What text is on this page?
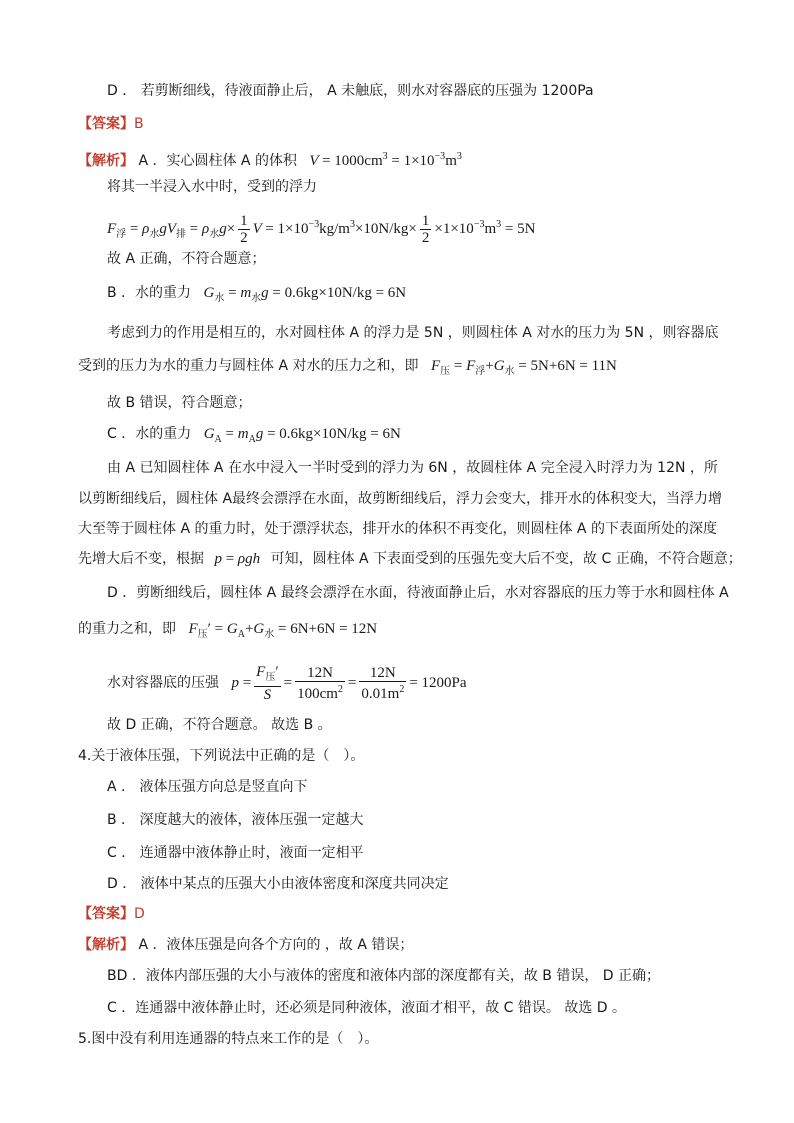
D ． 若剪断细线，待液面静止后， A 未触底，则水对容器底的压强为 1200Pa
【答案】B
【解析】 A ．实心圆柱体 A 的体积 $V = 1000cm^3 = 1\times 10^{-3}m^3$
将其一半浸入水中时，受到的浮力
$F_浮 = \rho_水gV_排 = \rho_水g\times \frac{1}{2}$ $V = 1\times 10^{-3}kg/m^3\times 10N/kg\times \frac{1}{2} \times 1\times 10^{-3}m^3 = 5N$
故 A 正确，不符合题意；
B ．水的重力 $G_水 = m_水g = 0.6kg\times 10N/kg = 6N$
考虑到力的作用是相互的，水对圆柱体 A 的浮力是 5N ，则圆柱体 A 对水的压力为 5N ，则容器底
受到的压力为水的重力与圆柱体 A 对水的压力之和，即 $F_压 = F_浮+G_水 = 5N+6N = 11N$
故 B 错误，符合题意；
C ．水的重力 $G_A = m_Ag = 0.6kg\times 10N/kg = 6N$
由 A 已知圆柱体 A 在水中浸入一半时受到的浮力为 6N ，故圆柱体 A 完全浸入时浮力为 12N ，所
以剪断细线后，圆柱体 A最终会漂浮在水面，故剪断细线后，浮力会变大，排开水的体积变大，当浮力增
大至等于圆柱体 A 的重力时，处于漂浮状态，排开水的体积不再变化，则圆柱体 A 的下表面所处的深度
先增大后不变，根据 p = ρgh 可知，圆柱体 A 下表面受到的压强先变大后不变，故 C 正确，不符合题意；
D ．剪断细线后，圆柱体 A 最终会漂浮在水面，待液面静止后，水对容器底的压力等于水和圆柱体 A
的重力之和，即 $F_压' = G_A+G_水 = 6N+6N = 12N$
水对容器底的压强 $p = \frac{F_压'}{S} = \frac{12N}{100cm^2} = \frac{12N}{0.01m^2} = 1200Pa$
故 D 正确，不符合题意。 故选 B 。
4.关于液体压强，下列说法中正确的是（　）。
A ． 液体压强方向总是竖直向下
B ． 深度越大的液体，液体压强一定越大
C ． 连通器中液体静止时，液面一定相平
D ． 液体中某点的压强大小由液体密度和深度共同决定
【答案】D
【解析】 A ．液体压强是向各个方向的 ，故 A 错误；
BD ．液体内部压强的大小与液体的密度和液体内部的深度都有关，故 B 错误， D 正确；
C ．连通器中液体静止时，还必须是同种液体，液面才相平，故 C 错误。 故选 D 。
5.图中没有利用连通器的特点来工作的是（　）。
